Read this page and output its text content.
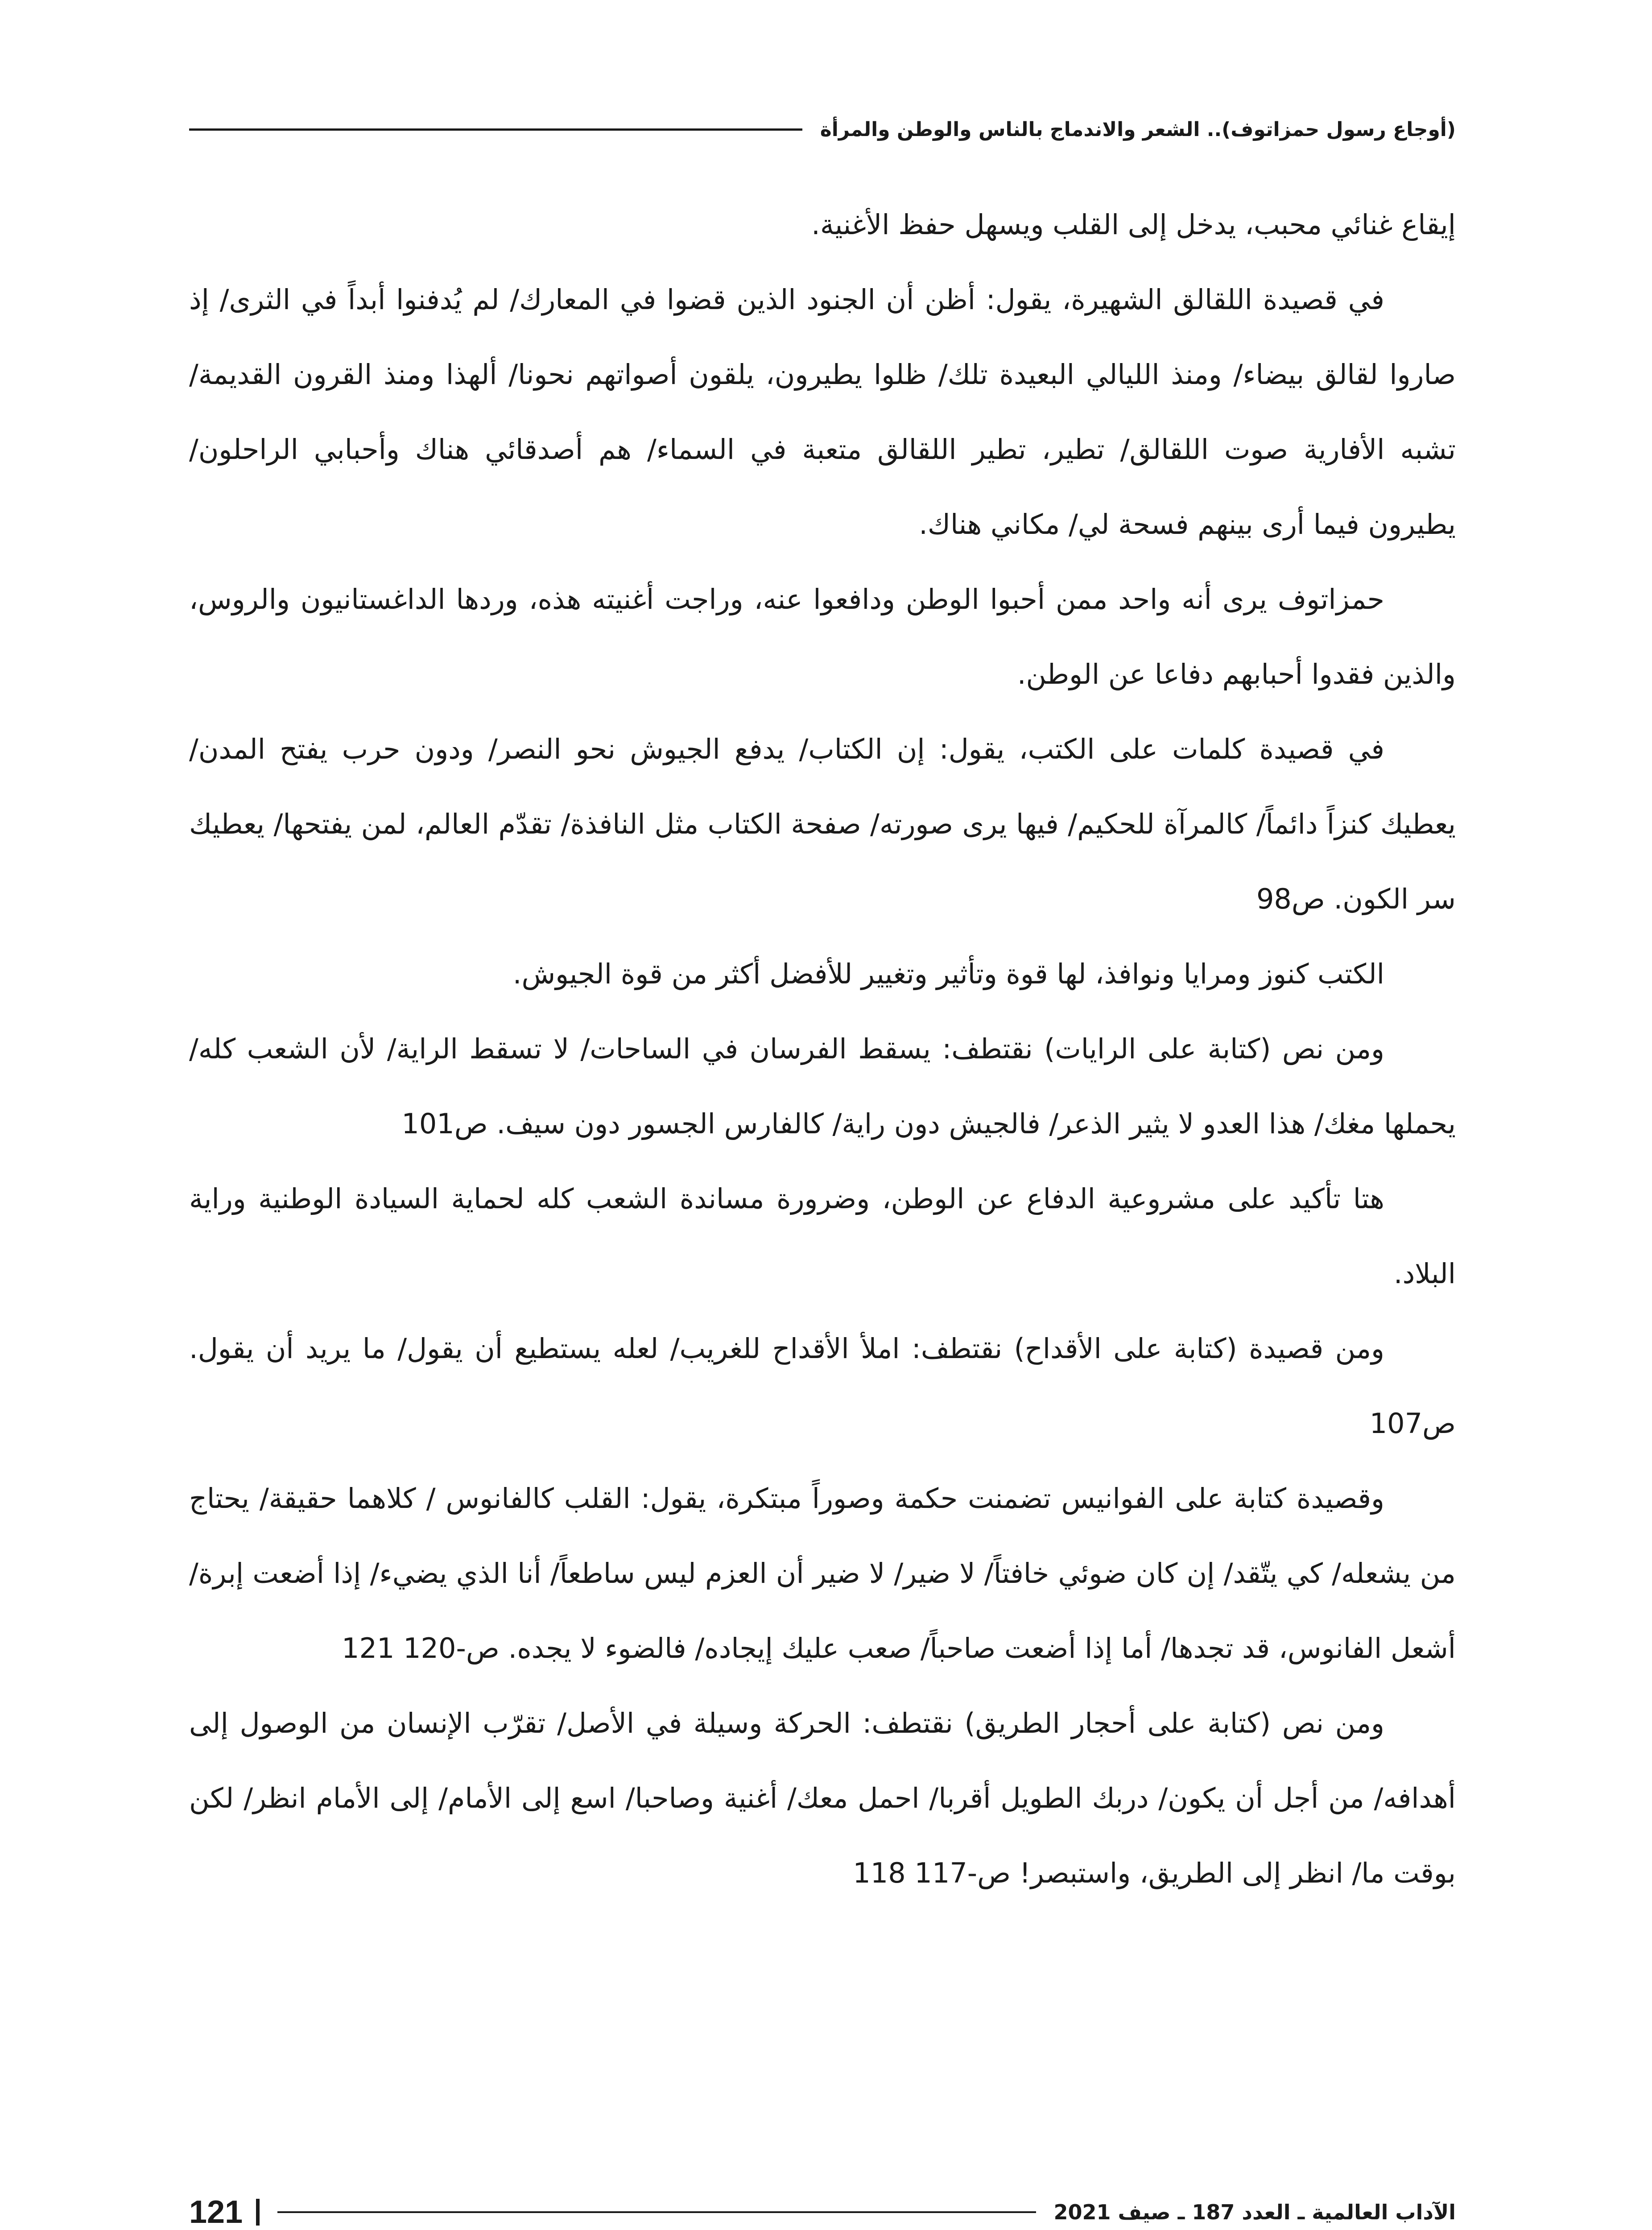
(أوجاع رسول حمزاتوف).. الشعر والاندماج بالناس والوطن والمرأة

إيقاع غنائي محبب، يدخل إلى القلب ويسهل حفظ الأغنية.

في قصيدة اللقالق الشهيرة، يقول: أظن أن الجنود الذين قضوا في المعارك/ لم يُدفنوا أبداً في الثرى/ إذ صاروا لقالق بيضاء/ ومنذ الليالي البعيدة تلك/ ظلوا يطيرون، يلقون أصواتهم نحونا/ ألهذا ومنذ القرون القديمة/ تشبه الأفارية صوت اللقالق/ تطير، تطير اللقالق متعبة في السماء/ هم أصدقائي هناك وأحبابي الراحلون/ يطيرون فيما أرى بينهم فسحة لي/ مكاني هناك.

حمزاتوف يرى أنه واحد ممن أحبوا الوطن ودافعوا عنه، وراجت أغنيته هذه، وردها الداغستانيون والروس، والذين فقدوا أحبابهم دفاعا عن الوطن.

في قصيدة كلمات على الكتب، يقول: إن الكتاب/ يدفع الجيوش نحو النصر/ ودون حرب يفتح المدن/ يعطيك كنزاً دائماً/ كالمرآة للحكيم/ فيها يرى صورته/ صفحة الكتاب مثل النافذة/ تقدّم العالم، لمن يفتحها/ يعطيك سر الكون. ص98

الكتب كنوز ومرايا ونوافذ، لها قوة وتأثير وتغيير للأفضل أكثر من قوة الجيوش.

ومن نص (كتابة على الرايات) نقتطف: يسقط الفرسان في الساحات/ لا تسقط الراية/ لأن الشعب كله/ يحملها مغك/ هذا العدو لا يثير الذعر/ فالجيش دون راية/ كالفارس الجسور دون سيف. ص101

هتا تأكيد على مشروعية الدفاع عن الوطن، وضرورة مساندة الشعب كله لحماية السيادة الوطنية وراية البلاد.

ومن قصيدة (كتابة على الأقداح) نقتطف: املأ الأقداح للغريب/ لعله يستطيع أن يقول/ ما يريد أن يقول. ص107

وقصيدة كتابة على الفوانيس تضمنت حكمة وصوراً مبتكرة، يقول: القلب كالفانوس / كلاهما حقيقة/ يحتاج من يشعله/ كي يتّقد/ إن كان ضوئي خافتاً/ لا ضير/ لا ضير أن العزم ليس ساطعاً/ أنا الذي يضيء/ إذا أضعت إبرة/ أشعل الفانوس، قد تجدها/ أما إذا أضعت صاحباً/ صعب عليك إيجاده/ فالضوء لا يجده. ص-120 121

ومن نص (كتابة على أحجار الطريق) نقتطف: الحركة وسيلة في الأصل/ تقرّب الإنسان من الوصول إلى أهدافه/ من أجل أن يكون/ دربك الطويل أقربا/ احمل معك/ أغنية وصاحبا/ اسع إلى الأمام/ إلى الأمام انظر/ لكن بوقت ما/ انظر إلى الطريق، واستبصر! ص-117 118

الآداب العالمية ـ العدد 187 ـ صيف 2021
121
